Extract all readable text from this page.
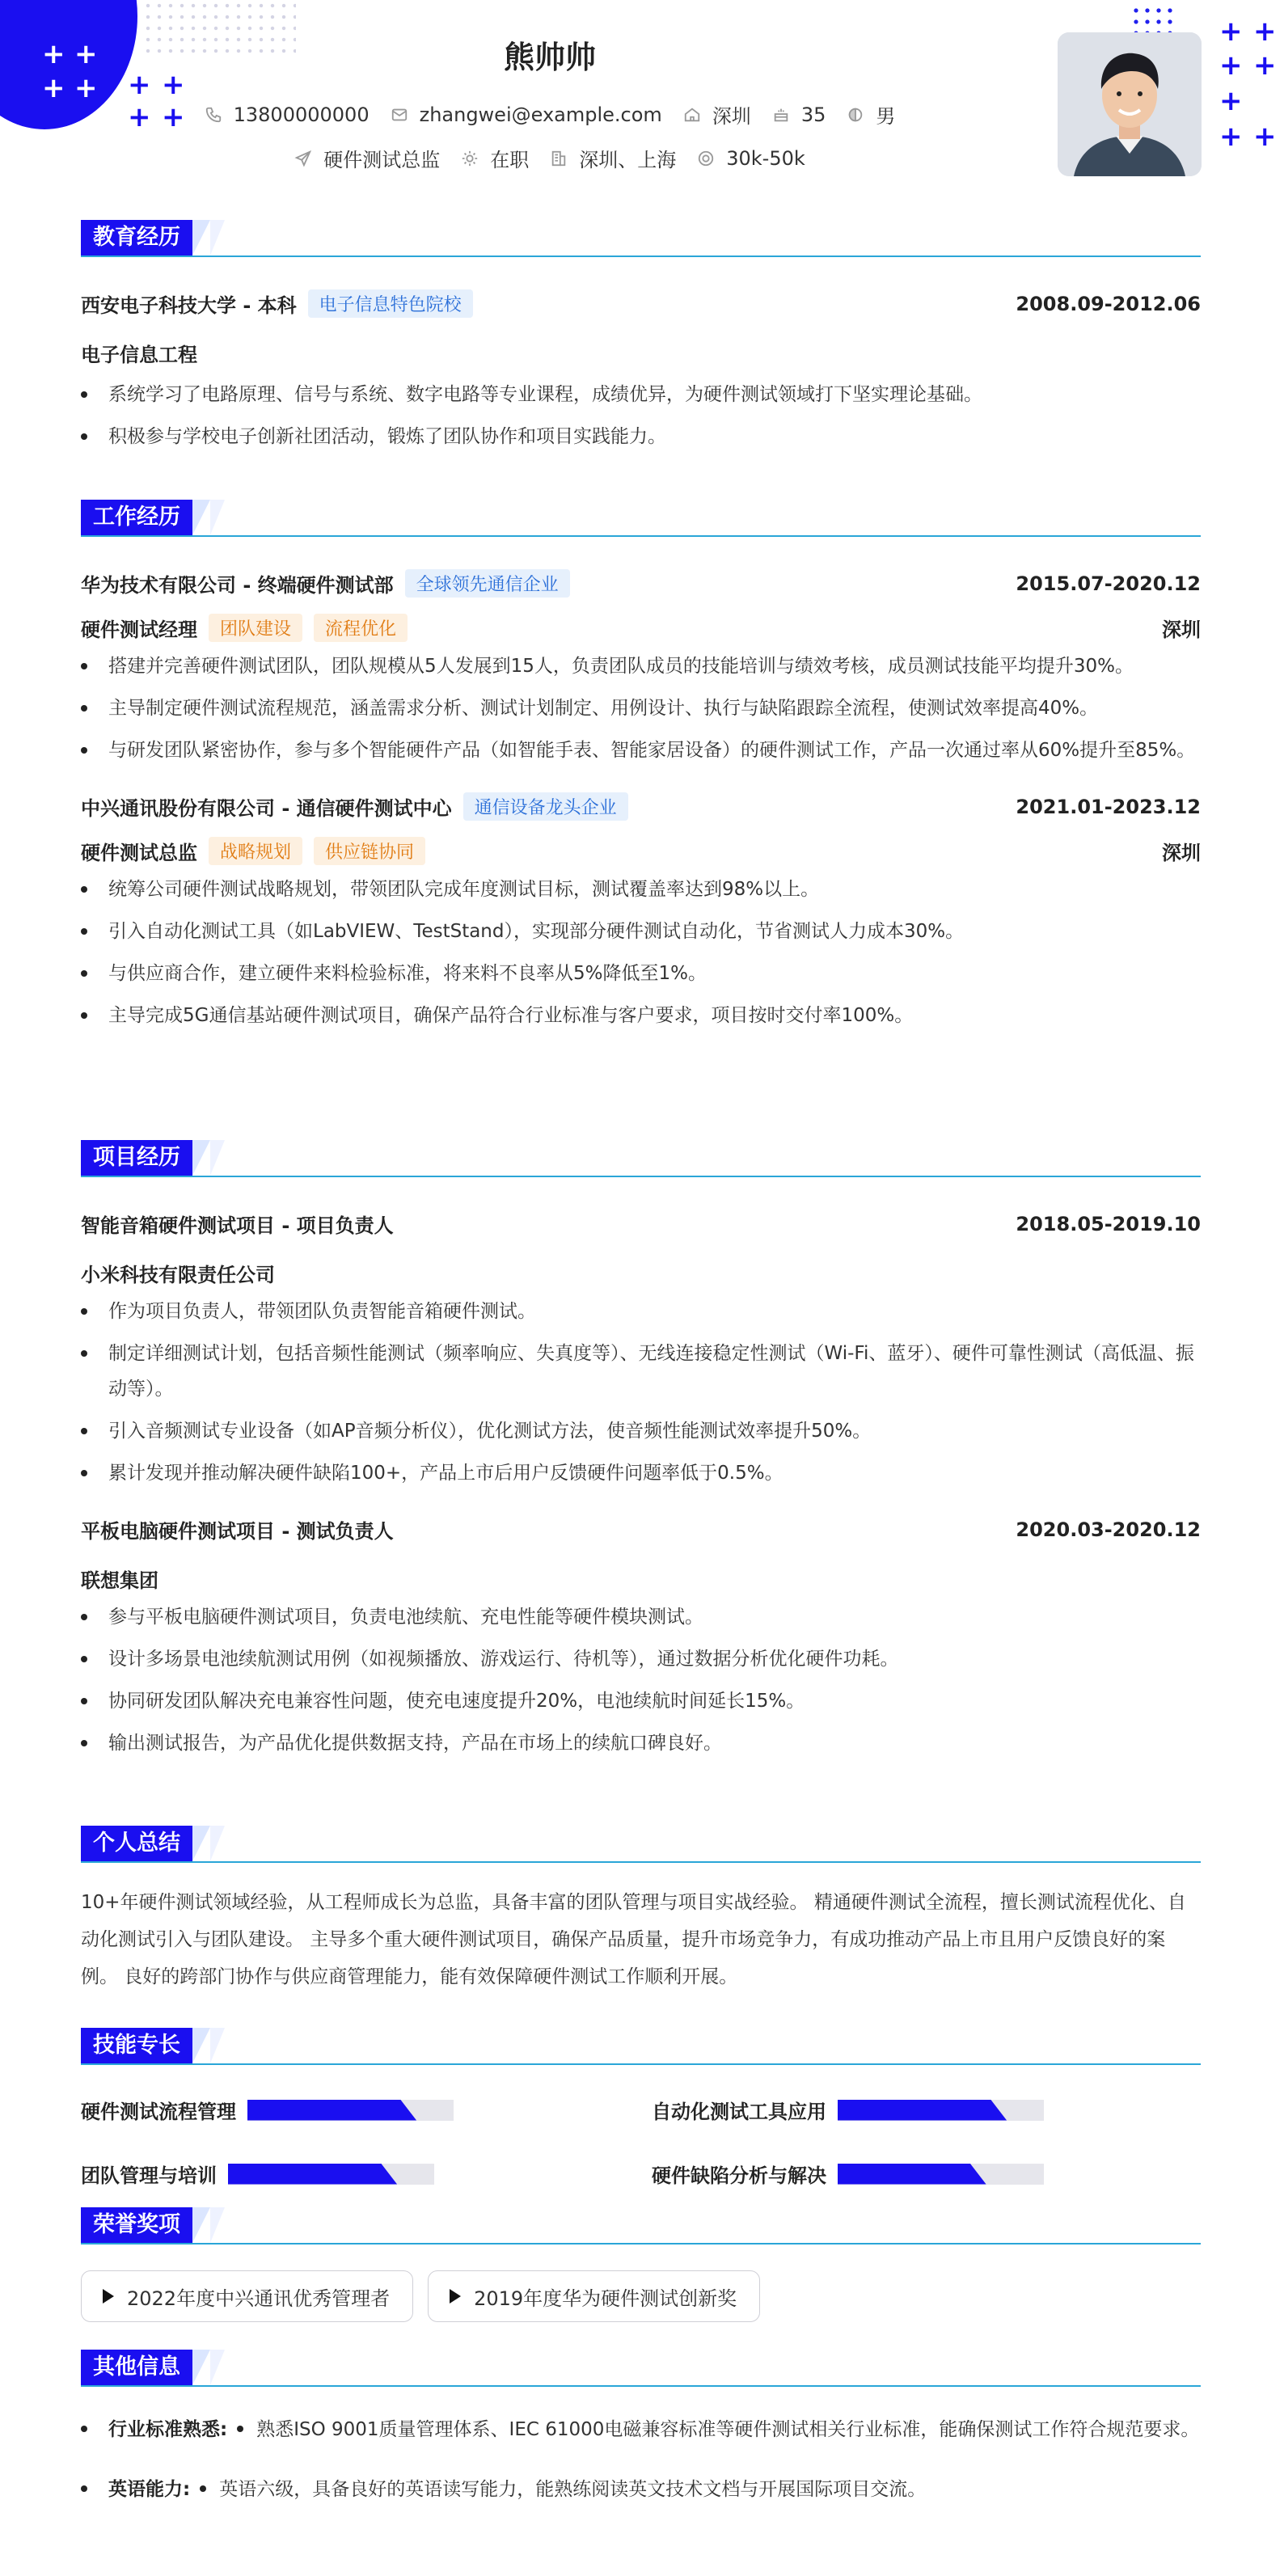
+ +
+ + + +
+ +
+ +
+ +
+
+ +
熊帅帅
13800000000	zhangwei@example.com	深圳	35	男
硬件测试总监	在职	深圳、上海	30k-50k
教育经历
西安电子科技大学 - 本科	电子信息特色院校	2008.09-2012.06
电子信息工程
系统学习了电路原理、信号与系统、数字电路等专业课程，成绩优异，为硬件测试领域打下坚实理论基础。
积极参与学校电子创新社团活动，锻炼了团队协作和项目实践能力。
工作经历
华为技术有限公司 - 终端硬件测试部	全球领先通信企业	2015.07-2020.12
硬件测试经理	团队建设	流程优化	深圳
搭建并完善硬件测试团队，团队规模从5人发展到15人，负责团队成员的技能培训与绩效考核，成员测试技能平均提升30%。
主导制定硬件测试流程规范，涵盖需求分析、测试计划制定、用例设计、执行与缺陷跟踪全流程，使测试效率提高40%。
与研发团队紧密协作，参与多个智能硬件产品（如智能手表、智能家居设备）的硬件测试工作，产品一次通过率从60%提升至85%。
中兴通讯股份有限公司 - 通信硬件测试中心	通信设备龙头企业	2021.01-2023.12
硬件测试总监	战略规划	供应链协同	深圳
统筹公司硬件测试战略规划，带领团队完成年度测试目标，测试覆盖率达到98%以上。
引入自动化测试工具（如LabVIEW、TestStand），实现部分硬件测试自动化，节省测试人力成本30%。
与供应商合作，建立硬件来料检验标准，将来料不良率从5%降低至1%。
主导完成5G通信基站硬件测试项目，确保产品符合行业标准与客户要求，项目按时交付率100%。
项目经历
智能音箱硬件测试项目 - 项目负责人	2018.05-2019.10
小米科技有限责任公司
作为项目负责人，带领团队负责智能音箱硬件测试。
制定详细测试计划，包括音频性能测试（频率响应、失真度等）、无线连接稳定性测试（Wi-Fi、蓝牙）、硬件可靠性测试（高低温、振动等）。
引入音频测试专业设备（如AP音频分析仪），优化测试方法，使音频性能测试效率提升50%。
累计发现并推动解决硬件缺陷100+，产品上市后用户反馈硬件问题率低于0.5%。
平板电脑硬件测试项目 - 测试负责人	2020.03-2020.12
联想集团
参与平板电脑硬件测试项目，负责电池续航、充电性能等硬件模块测试。
设计多场景电池续航测试用例（如视频播放、游戏运行、待机等），通过数据分析优化硬件功耗。
协同研发团队解决充电兼容性问题，使充电速度提升20%，电池续航时间延长15%。
输出测试报告，为产品优化提供数据支持，产品在市场上的续航口碑良好。
个人总结

10+年硬件测试领域经验，从工程师成长为总监，具备丰富的团队管理与项目实战经验。 精通硬件测试全流程，擅长测试流程优化、自动化测试引入与团队建设。 主导多个重大硬件测试项目，确保产品质量，提升市场竞争力，有成功推动产品上市且用户反馈良好的案例。 良好的跨部门协作与供应商管理能力，能有效保障硬件测试工作顺利开展。

技能专长
硬件测试流程管理	自动化测试工具应用
团队管理与培训	硬件缺陷分析与解决
荣誉奖项
2022年度中兴通讯优秀管理者	2019年度华为硬件测试创新奖
其他信息
行业标准熟悉:	熟悉ISO 9001质量管理体系、IEC 61000电磁兼容标准等硬件测试相关行业标准，能确保测试工作符合规范要求。
英语能力:	英语六级，具备良好的英语读写能力，能熟练阅读英文技术文档与开展国际项目交流。
